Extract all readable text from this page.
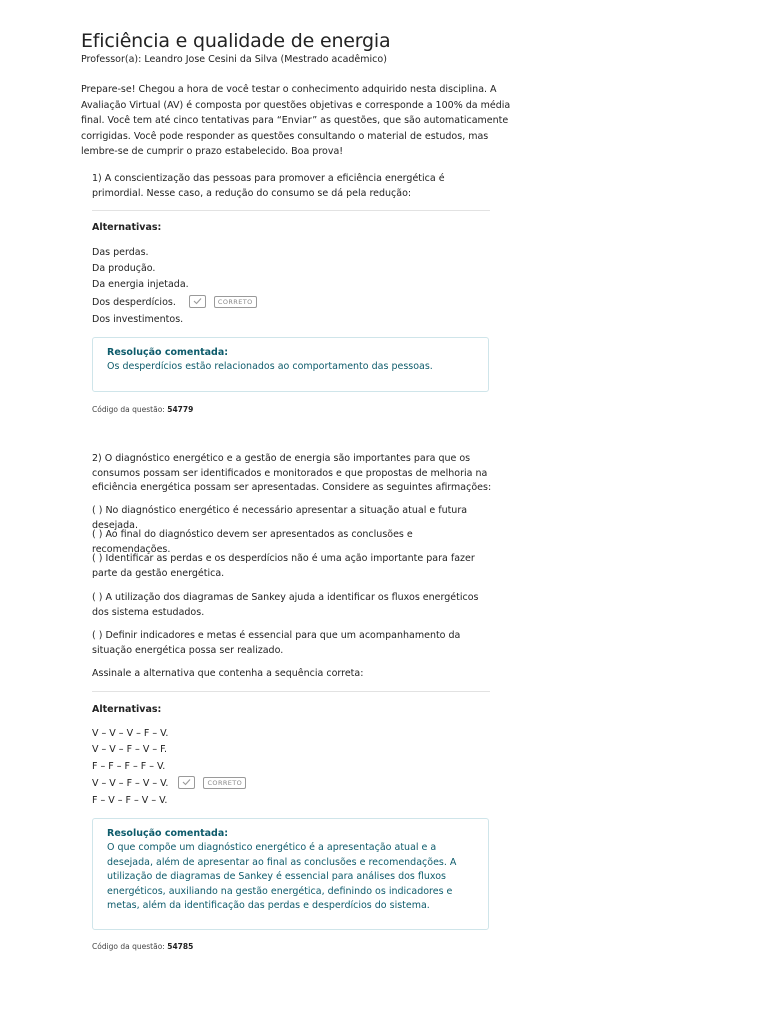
Eficiência e qualidade de energia
Professor(a): Leandro Jose Cesini da Silva (Mestrado acadêmico)
Prepare-se! Chegou a hora de você testar o conhecimento adquirido nesta disciplina. A Avaliação Virtual (AV) é composta por questões objetivas e corresponde a 100% da média final. Você tem até cinco tentativas para “Enviar” as questões, que são automaticamente corrigidas. Você pode responder as questões consultando o material de estudos, mas lembre-se de cumprir o prazo estabelecido. Boa prova!
1) A conscientização das pessoas para promover a eficiência energética é primordial. Nesse caso, a redução do consumo se dá pela redução:
Alternativas:
Das perdas.
Da produção.
Da energia injetada.
Dos desperdícios.	CORRETO
Dos investimentos.
Resolução comentada:
Os desperdícios estão relacionados ao comportamento das pessoas.
Código da questão: 54779
2) O diagnóstico energético e a gestão de energia são importantes para que os consumos possam ser identificados e monitorados e que propostas de melhoria na eficiência energética possam ser apresentadas. Considere as seguintes afirmações:
( ) No diagnóstico energético é necessário apresentar a situação atual e futura desejada.
( ) Ao final do diagnóstico devem ser apresentados as conclusões e recomendações.
( ) Identificar as perdas e os desperdícios não é uma ação importante para fazer parte da gestão energética.
( ) A utilização dos diagramas de Sankey ajuda a identificar os fluxos energéticos dos sistema estudados.
( ) Definir indicadores e metas é essencial para que um acompanhamento da situação energética possa ser realizado.
Assinale a alternativa que contenha a sequência correta:
Alternativas:
V – V – V – F – V.
V – V – F – V – F.
F – F – F – F – V.
V – V – F – V – V.	CORRETO
F – V – F – V – V.
Resolução comentada:
O que compõe um diagnóstico energético é a apresentação atual e a desejada, além de apresentar ao final as conclusões e recomendações. A utilização de diagramas de Sankey é essencial para análises dos fluxos energéticos, auxiliando na gestão energética, definindo os indicadores e metas, além da identificação das perdas e desperdícios do sistema.
Código da questão: 54785
